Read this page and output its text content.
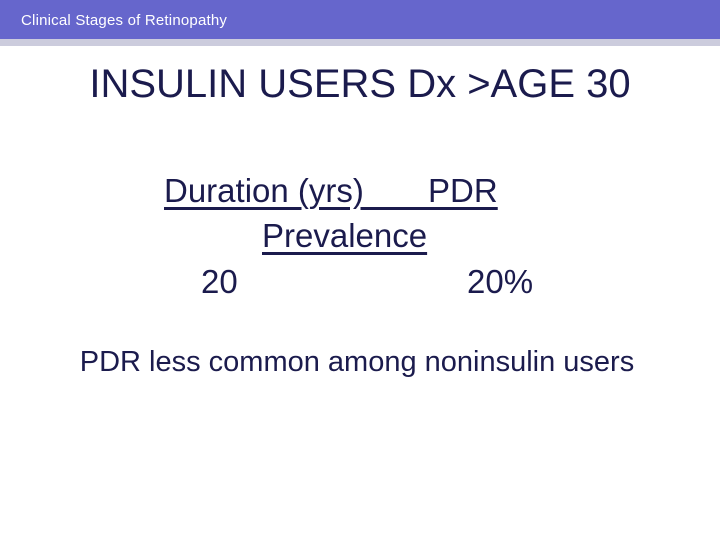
Clinical Stages of Retinopathy
INSULIN USERS Dx >AGE 30
Duration (yrs)       PDR
Prevalence
20	20%
PDR less common among noninsulin users
